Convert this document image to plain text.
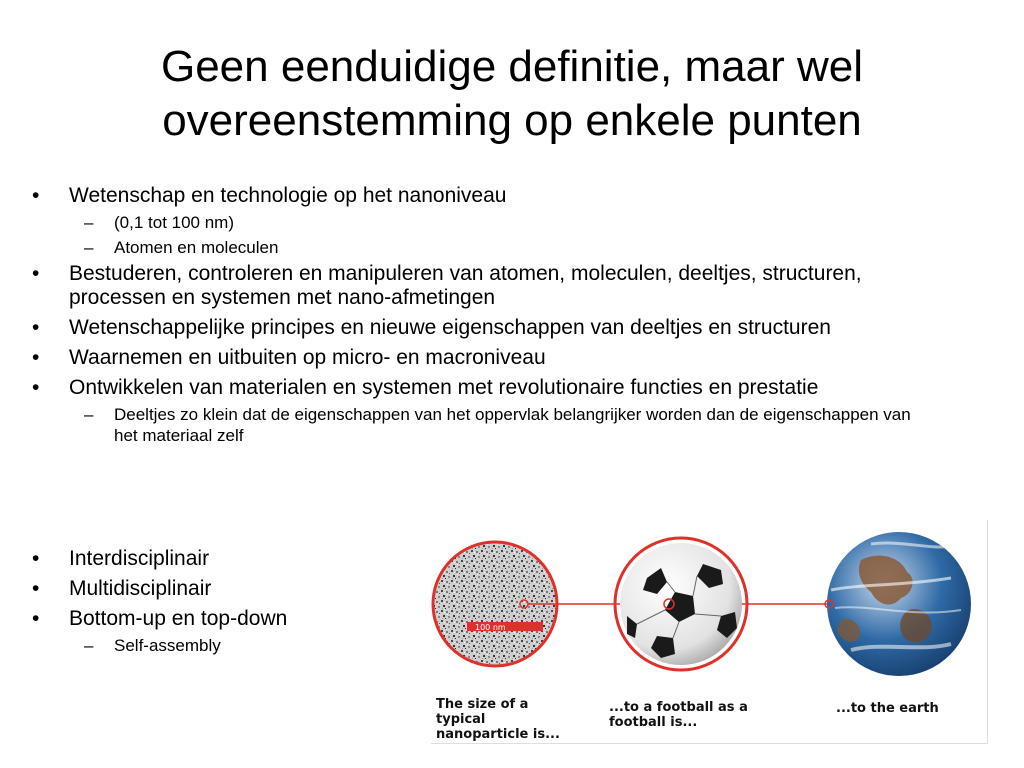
Geen eenduidige definitie, maar wel
overeenstemming op enkele punten
• Wetenschap en technologie op het nanoniveau
– (0,1 tot 100 nm)
– Atomen en moleculen
• Bestuderen, controleren en manipuleren van atomen, moleculen, deeltjes, structuren, processen en systemen met nano-afmetingen
• Wetenschappelijke principes en nieuwe eigenschappen van deeltjes en structuren
• Waarnemen en uitbuiten op micro- en macroniveau
• Ontwikkelen van materialen en systemen met revolutionaire functies en prestatie
– Deeltjes zo klein dat de eigenschappen van het oppervlak belangrijker worden dan de eigenschappen van het materiaal zelf
• Interdisciplinair
• Multidisciplinair
• Bottom-up en top-down
– Self-assembly
100 nm
The size of a typical nanoparticle is...
...to a football as a football is...
...to the earth
